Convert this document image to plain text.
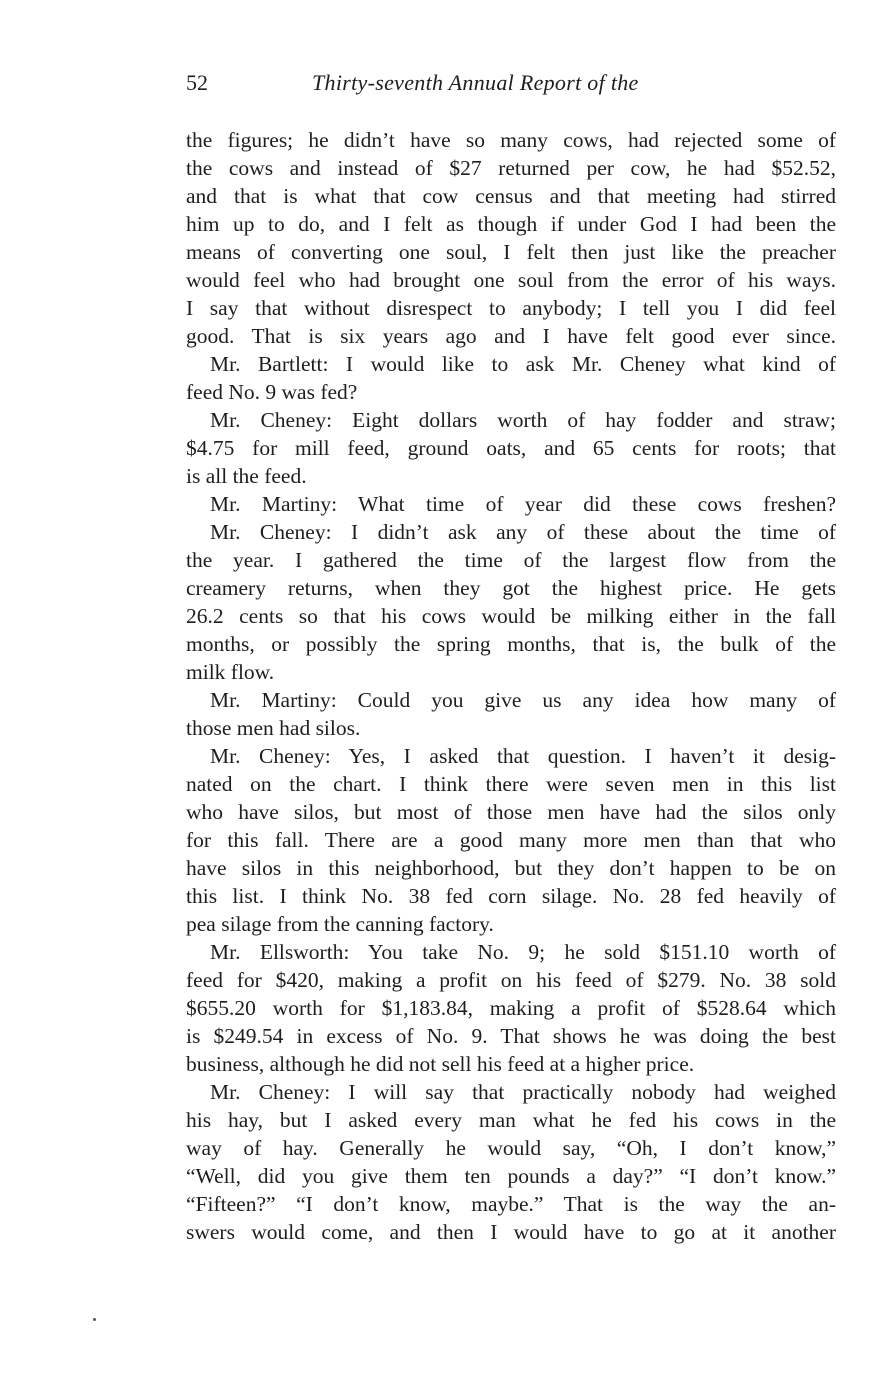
52	Thirty-seventh Annual Report of the

the figures; he didn’t have so many cows, had rejected some of

the cows and instead of $27 returned per cow, he had $52.52,

and that is what that cow census and that meeting had stirred

him up to do, and I felt as though if under God I had been the

means of converting one soul, I felt then just like the preacher

would feel who had brought one soul from the error of his ways.

I say that without disrespect to anybody; I tell you I did feel

good. That is six years ago and I have felt good ever since.

Mr. Bartlett: I would like to ask Mr. Cheney what kind of

feed No. 9 was fed?

Mr. Cheney: Eight dollars worth of hay fodder and straw;

$4.75 for mill feed, ground oats, and 65 cents for roots; that

is all the feed.

Mr. Martiny: What time of year did these cows freshen?

Mr. Cheney: I didn’t ask any of these about the time of

the year. I gathered the time of the largest flow from the

creamery returns, when they got the highest price. He gets

26.2 cents so that his cows would be milking either in the fall

months, or possibly the spring months, that is, the bulk of the

milk flow.

Mr. Martiny: Could you give us any idea how many of

those men had silos.

Mr. Cheney: Yes, I asked that question. I haven’t it desig-

nated on the chart. I think there were seven men in this list

who have silos, but most of those men have had the silos only

for this fall. There are a good many more men than that who

have silos in this neighborhood, but they don’t happen to be on

this list. I think No. 38 fed corn silage. No. 28 fed heavily of

pea silage from the canning factory.

Mr. Ellsworth: You take No. 9; he sold $151.10 worth of

feed for $420, making a profit on his feed of $279. No. 38 sold

$655.20 worth for $1,183.84, making a profit of $528.64 which

is $249.54 in excess of No. 9. That shows he was doing the best

business, although he did not sell his feed at a higher price.

Mr. Cheney: I will say that practically nobody had weighed

his hay, but I asked every man what he fed his cows in the

way of hay. Generally he would say, “Oh, I don’t know,”

“Well, did you give them ten pounds a day?” “I don’t know.”

“Fifteen?” “I don’t know, maybe.” That is the way the an-

swers would come, and then I would have to go at it another
